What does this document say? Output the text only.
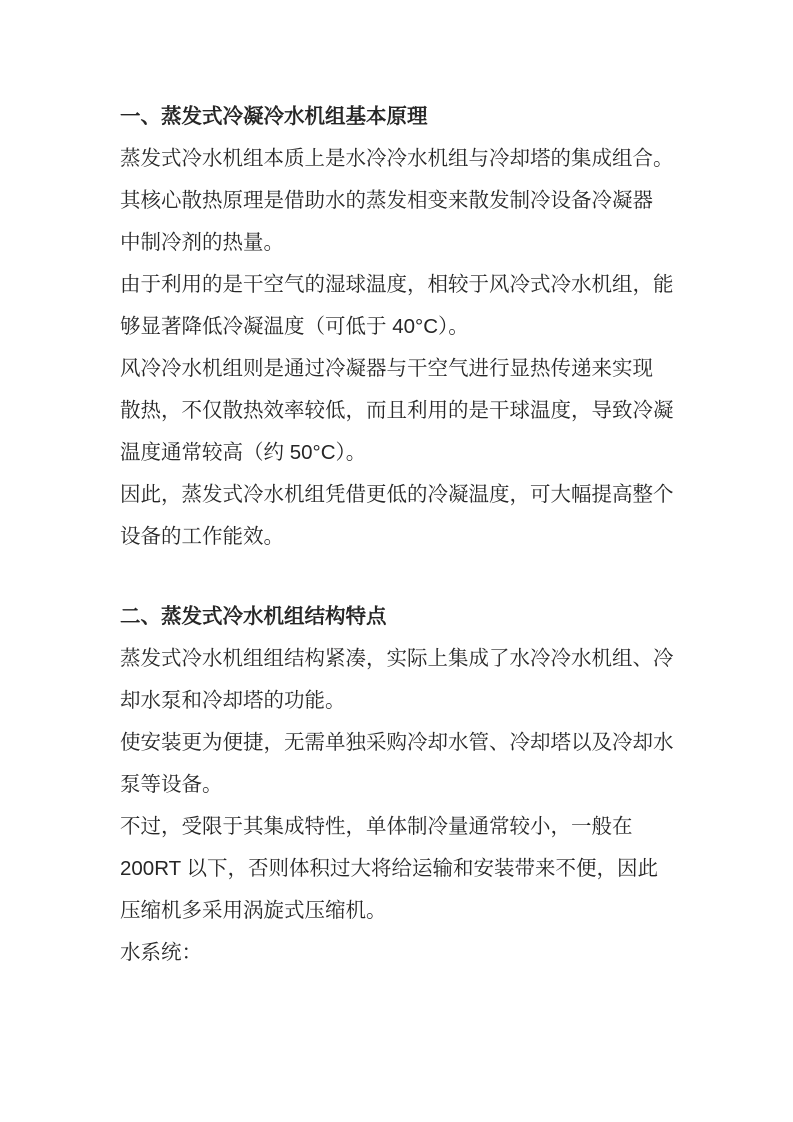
一、蒸发式冷凝冷水机组基本原理
蒸发式冷水机组本质上是水冷冷水机组与冷却塔的集成组合。
其核心散热原理是借助水的蒸发相变来散发制冷设备冷凝器
中制冷剂的热量。
由于利用的是干空气的湿球温度，相较于风冷式冷水机组，能
够显著降低冷凝温度（可低于 40°C）。
风冷冷水机组则是通过冷凝器与干空气进行显热传递来实现
散热，不仅散热效率较低，而且利用的是干球温度，导致冷凝
温度通常较高（约 50°C）。
因此，蒸发式冷水机组凭借更低的冷凝温度，可大幅提高整个
设备的工作能效。
二、蒸发式冷水机组结构特点
蒸发式冷水机组组结构紧凑，实际上集成了水冷冷水机组、冷
却水泵和冷却塔的功能。
使安装更为便捷，无需单独采购冷却水管、冷却塔以及冷却水
泵等设备。
不过，受限于其集成特性，单体制冷量通常较小，一般在
200RT 以下，否则体积过大将给运输和安装带来不便，因此
压缩机多采用涡旋式压缩机。
水系统：
